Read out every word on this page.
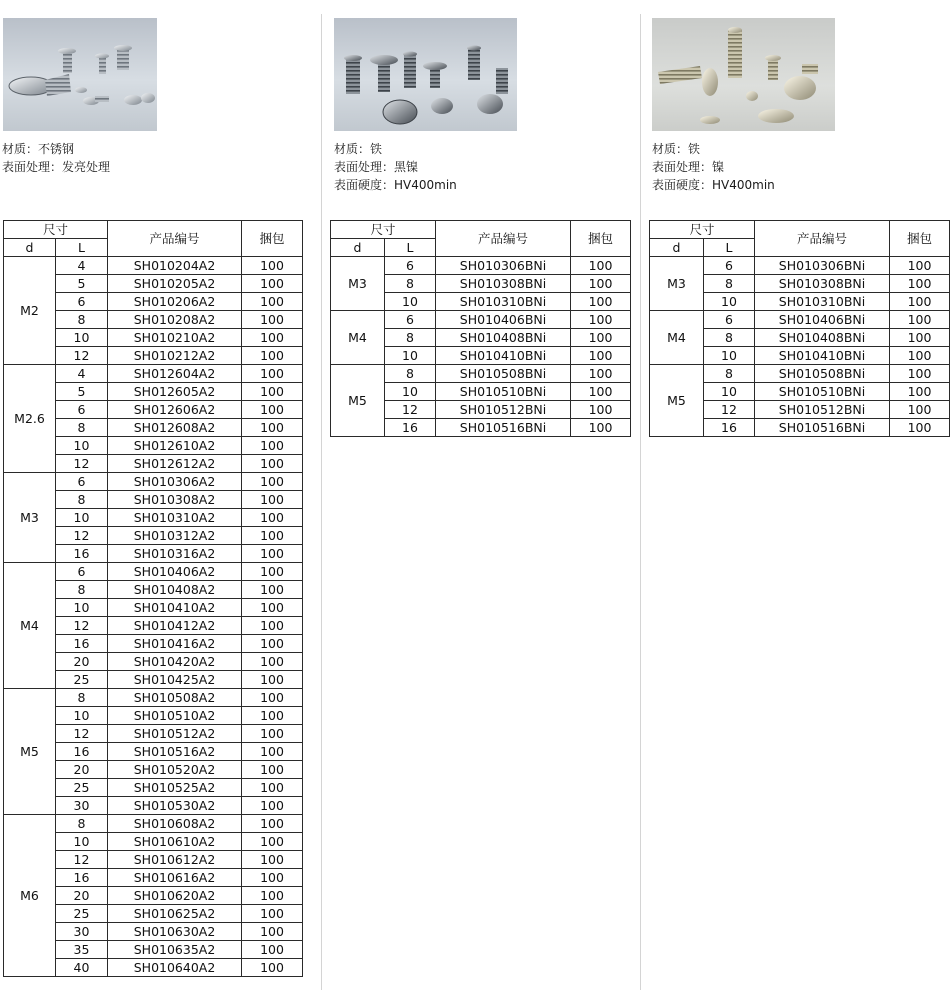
材质：不锈钢
表面处理：发亮处理
尺寸		产品编号	捆包
d	L		
M2	4	SH010204A2	100
	5	SH010205A2	100
	6	SH010206A2	100
	8	SH010208A2	100
	10	SH010210A2	100
	12	SH010212A2	100
M2.6	4	SH012604A2	100
	5	SH012605A2	100
	6	SH012606A2	100
	8	SH012608A2	100
	10	SH012610A2	100
	12	SH012612A2	100
M3	6	SH010306A2	100
	8	SH010308A2	100
	10	SH010310A2	100
	12	SH010312A2	100
	16	SH010316A2	100
M4	6	SH010406A2	100
	8	SH010408A2	100
	10	SH010410A2	100
	12	SH010412A2	100
	16	SH010416A2	100
	20	SH010420A2	100
	25	SH010425A2	100
M5	8	SH010508A2	100
	10	SH010510A2	100
	12	SH010512A2	100
	16	SH010516A2	100
	20	SH010520A2	100
	25	SH010525A2	100
	30	SH010530A2	100
M6	8	SH010608A2	100
	10	SH010610A2	100
	12	SH010612A2	100
	16	SH010616A2	100
	20	SH010620A2	100
	25	SH010625A2	100
	30	SH010630A2	100
	35	SH010635A2	100
	40	SH010640A2	100
材质：铁
表面处理：黑镍
表面硬度：HV400min
尺寸		产品编号	捆包
d	L		
M3	6	SH010306BNi	100
	8	SH010308BNi	100
	10	SH010310BNi	100
M4	6	SH010406BNi	100
	8	SH010408BNi	100
	10	SH010410BNi	100
M5	8	SH010508BNi	100
	10	SH010510BNi	100
	12	SH010512BNi	100
	16	SH010516BNi	100
材质：铁
表面处理：镍
表面硬度：HV400min
尺寸		产品编号	捆包
d	L		
M3	6	SH010306BNi	100
	8	SH010308BNi	100
	10	SH010310BNi	100
M4	6	SH010406BNi	100
	8	SH010408BNi	100
	10	SH010410BNi	100
M5	8	SH010508BNi	100
	10	SH010510BNi	100
	12	SH010512BNi	100
	16	SH010516BNi	100
